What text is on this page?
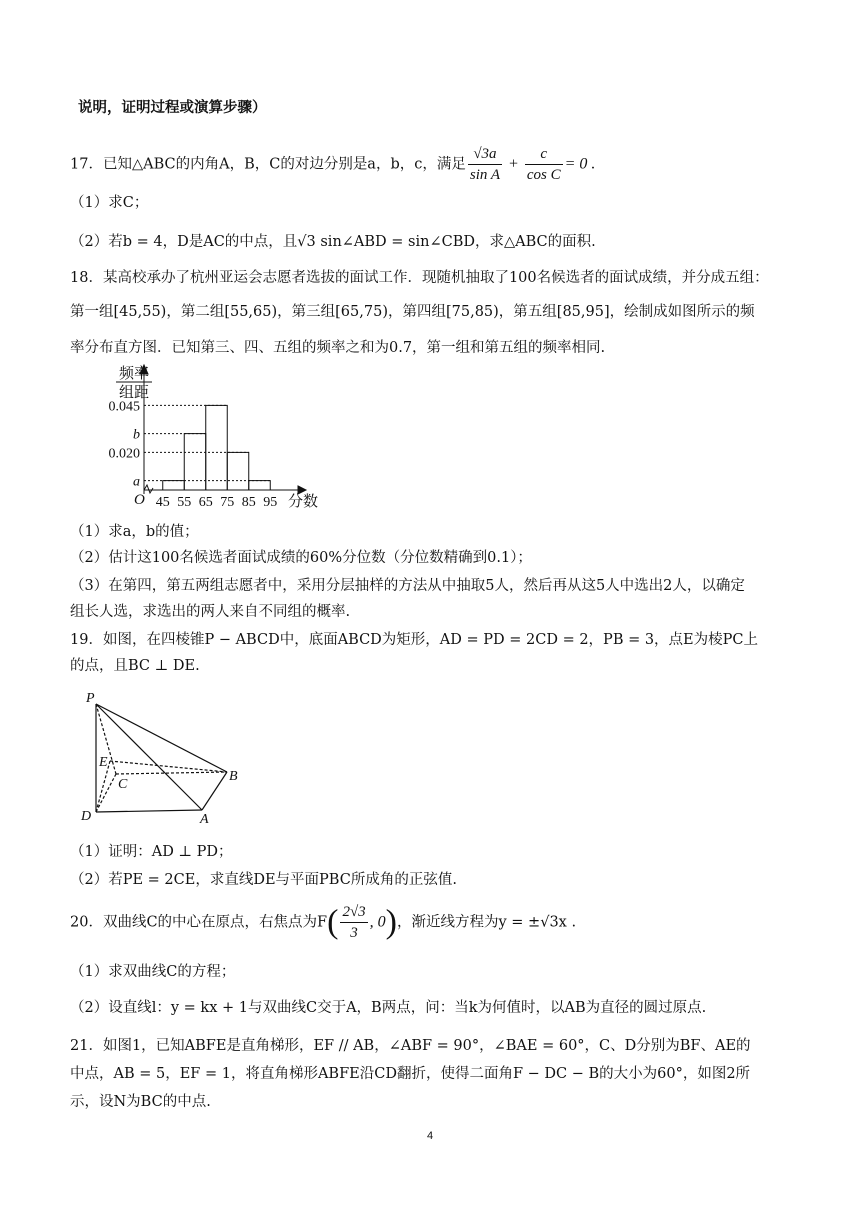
说明，证明过程或演算步骤）
17．已知△ABC的内角A，B，C的对边分别是a，b，c，满足 $\frac{√3a}{\text{sin A}} + \frac{c}{\text{cos C}} = 0$ .
（1）求C；
（2）若b = 4，D是AC的中点，且√3 sin∠ABD = sin∠CBD，求△ABC的面积.
18．某高校承办了杭州亚运会志愿者选拔的面试工作．现随机抽取了100名候选者的面试成绩，并分成五组：
第一组[45,55)，第二组[55,65)，第三组[65,75)，第四组[75,85)，第五组[85,95]，绘制成如图所示的频
率分布直方图．已知第三、四、五组的频率之和为0.7，第一组和第五组的频率相同.
a
b
0.020
0.045
45 55 65 75 85 95
O	分数
频率
组距
（1）求a，b的值；
（2）估计这100名候选者面试成绩的60%分位数（分位数精确到0.1）；
（3）在第四，第五两组志愿者中，采用分层抽样的方法从中抽取5人，然后再从这5人中选出2人，以确定
组长人选，求选出的两人来自不同组的概率.
19．如图，在四棱锥P − ABCD中，底面ABCD为矩形，AD = PD = 2CD = 2，PB = 3，点E为棱PC上
的点，且BC ⊥ DE.
P
E
C
B
D	A
（1）证明：AD ⊥ PD；
（2）若PE = 2CE，求直线DE与平面PBC所成角的正弦值.
20．双曲线C的中心在原点，右焦点为$F( \frac{2√3}{3}$ , 0)，渐近线方程为y = ±√3x .
（1）求双曲线C的方程；
（2）设直线l：y = kx + 1与双曲线C交于A，B两点，问：当k为何值时，以AB为直径的圆过原点.
21．如图1，已知ABFE是直角梯形，EF // AB，∠ABF = 90°，∠BAE = 60°，C、D分别为BF、AE的
中点，AB = 5，EF = 1，将直角梯形ABFE沿CD翻折，使得二面角F − DC − B的大小为60°，如图2所
示，设N为BC的中点.
4
